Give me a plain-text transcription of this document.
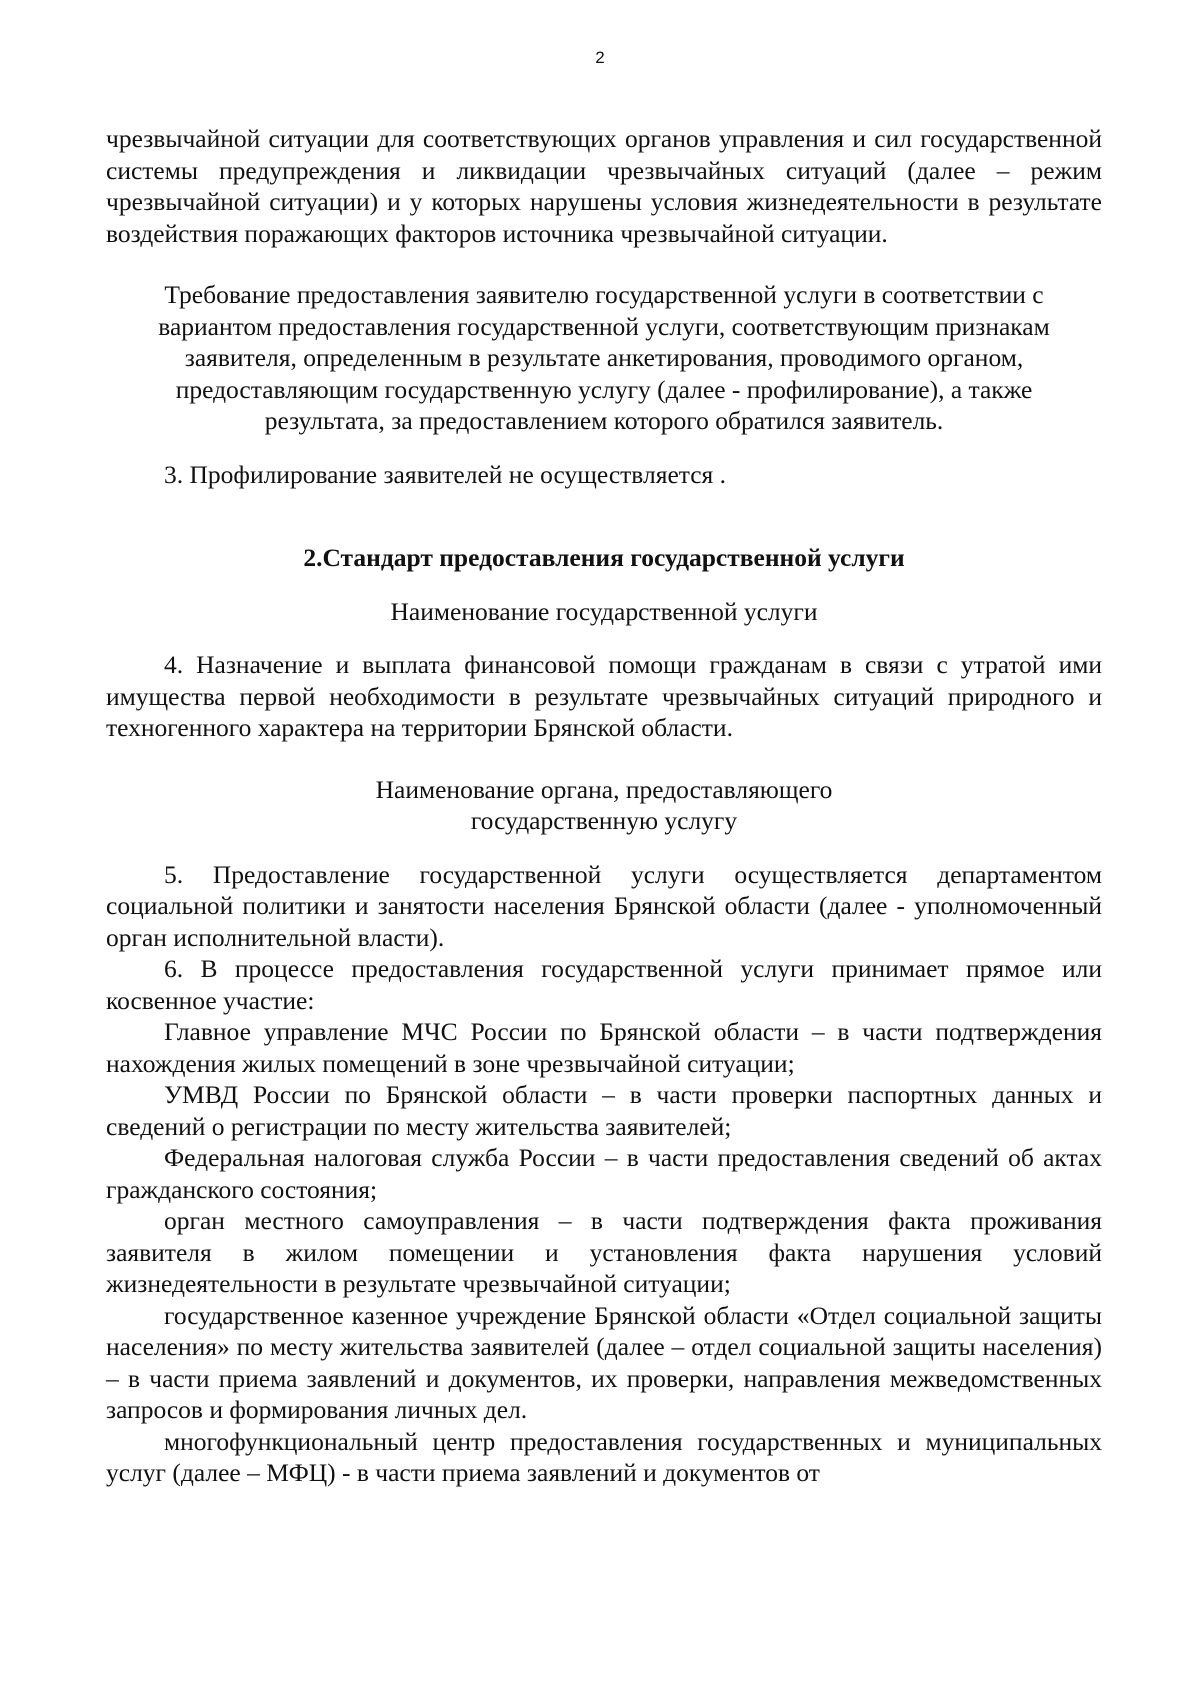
2

чрезвычайной ситуации для соответствующих органов управления и сил государственной системы предупреждения и ликвидации чрезвычайных ситуаций (далее – режим чрезвычайной ситуации) и у которых нарушены условия жизнедеятельности в результате воздействия поражающих факторов источника чрезвычайной ситуации.

Требование предоставления заявителю государственной услуги в соответствии с вариантом предоставления государственной услуги, соответствующим признакам заявителя, определенным в результате анкетирования, проводимого органом, предоставляющим государственную услугу (далее - профилирование), а также результата, за предоставлением которого обратился заявитель.

3. Профилирование заявителей не осуществляется .

2.Стандарт предоставления государственной услуги

Наименование государственной услуги

4. Назначение и выплата финансовой помощи гражданам в связи с утратой ими имущества первой необходимости в результате чрезвычайных ситуаций природного и техногенного характера на территории Брянской области.

Наименование органа, предоставляющего

государственную услугу

5. Предоставление государственной услуги осуществляется департаментом социальной политики и занятости населения Брянской области (далее - уполномоченный орган исполнительной власти).

6. В процессе предоставления государственной услуги принимает прямое или косвенное участие:

Главное управление МЧС России по Брянской области – в части подтверждения нахождения жилых помещений в зоне чрезвычайной ситуации;

УМВД России по Брянской области – в части проверки паспортных данных и сведений о регистрации по месту жительства заявителей;

Федеральная налоговая служба России – в части предоставления сведений об актах гражданского состояния;

орган местного самоуправления – в части подтверждения факта проживания заявителя в жилом помещении и установления факта нарушения условий жизнедеятельности в результате чрезвычайной ситуации;

государственное казенное учреждение Брянской области «Отдел социальной защиты населения» по месту жительства заявителей (далее – отдел социальной защиты населения) – в части приема заявлений и документов, их проверки, направления межведомственных запросов и формирования личных дел.

многофункциональный центр предоставления государственных и муниципальных услуг (далее – МФЦ) - в части приема заявлений и документов от
